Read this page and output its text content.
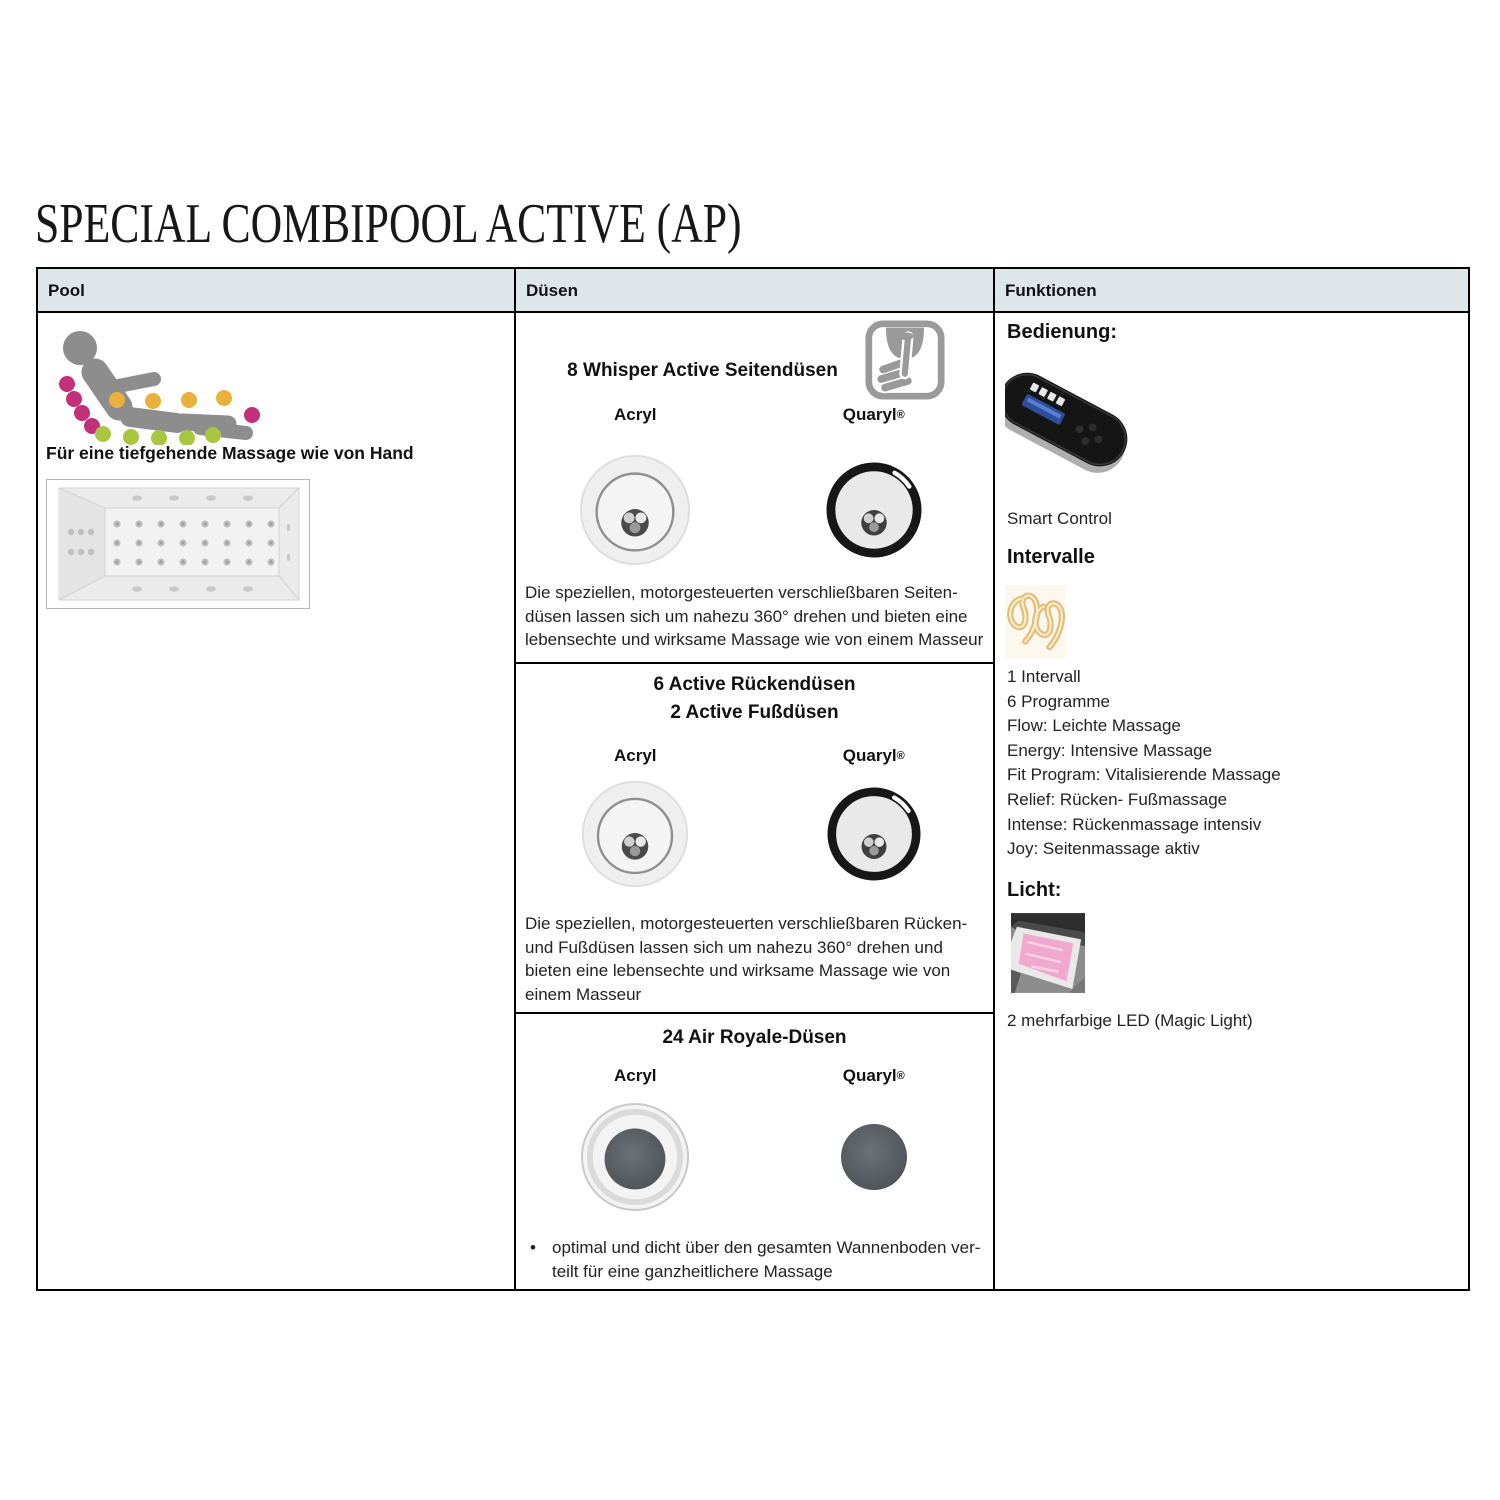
SPECIAL COMBIPOOL ACTIVE (AP)
Pool	Düsen	Funktionen
Für eine tiefgehende Massage wie von Hand
8 Whisper Active Seitendüsen
Acryl	Quaryl ®
Die speziellen, motorgesteuerten verschließbaren Seiten-
düsen lassen sich um nahezu 360° drehen und bieten eine
lebensechte und wirksame Massage wie von einem Masseur
6 Active Rückendüsen
2 Active Fußdüsen
Acryl	Quaryl ®
Die speziellen, motorgesteuerten verschließbaren Rücken-
und Fußdüsen lassen sich um nahezu 360° drehen und
bieten eine lebensechte und wirksame Massage wie von
einem Masseur
24 Air Royale-Düsen
Acryl	Quaryl ®
• optimal und dicht über den gesamten Wannenboden ver-
teilt für eine ganzheitlichere Massage
Bedienung:
Smart Control
Intervalle
1 Intervall
6 Programme
Flow: Leichte Massage
Energy: Intensive Massage
Fit Program: Vitalisierende Massage
Relief: Rücken- Fußmassage
Intense: Rückenmassage intensiv
Joy: Seitenmassage aktiv
Licht:
2 mehrfarbige LED (Magic Light)
